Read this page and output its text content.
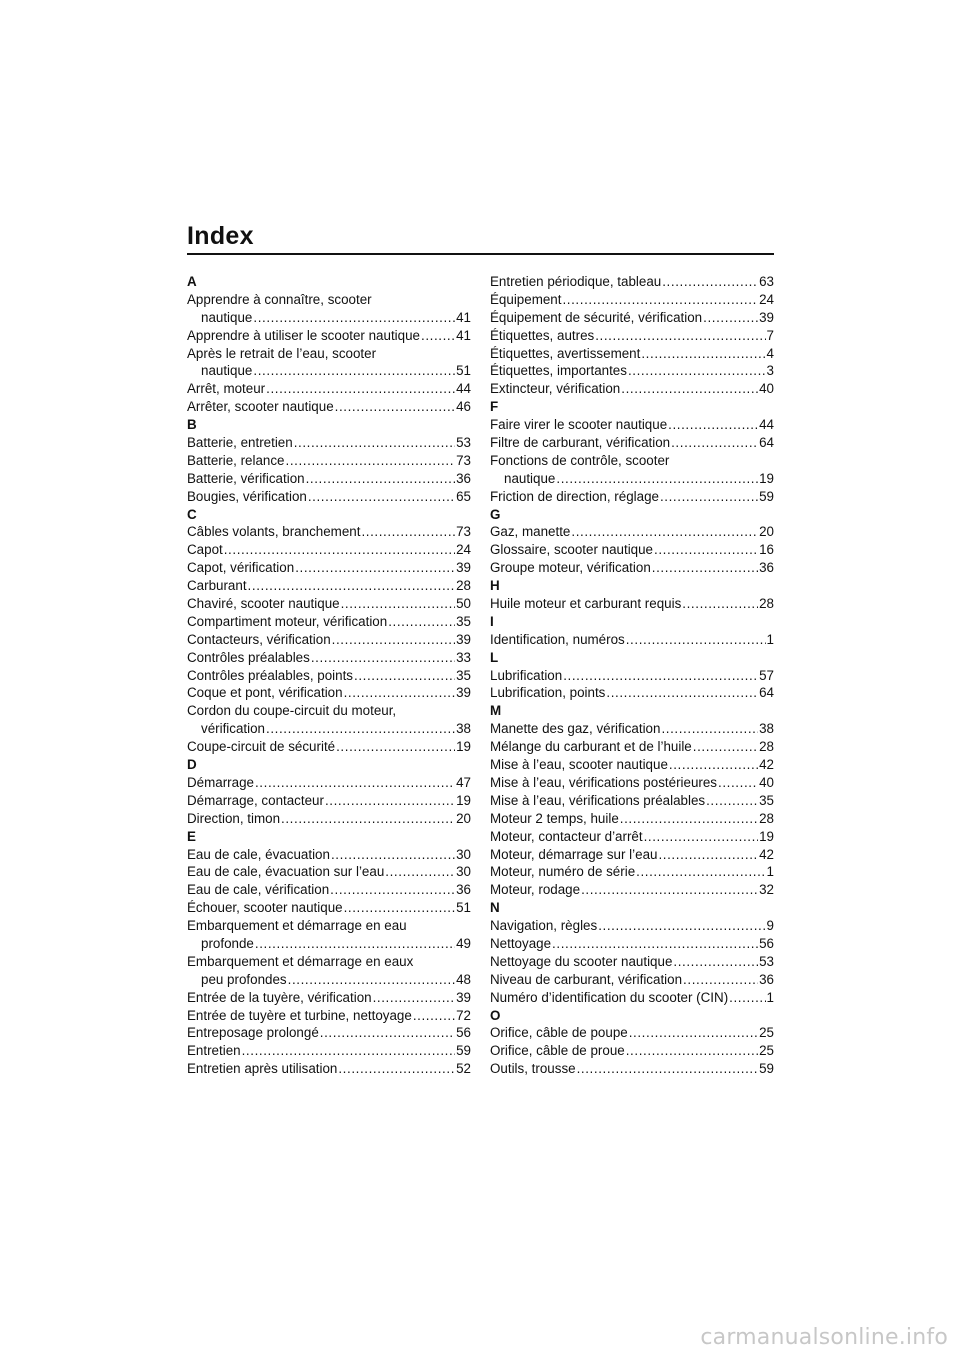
Index
A
Apprendre à connaître, scooter
nautique .....	41
Apprendre à utiliser le scooter nautique .....	41
Après le retrait de l’eau, scooter
nautique .....	51
Arrêt, moteur .....	44
Arrêter, scooter nautique .....	46
B
Batterie, entretien .....	53
Batterie, relance .....	73
Batterie, vérification .....	36
Bougies, vérification .....	65
C
Câbles volants, branchement .....	73
Capot .....	24
Capot, vérification .....	39
Carburant .....	28
Chaviré, scooter nautique .....	50
Compartiment moteur, vérification .....	35
Contacteurs, vérification .....	39
Contrôles préalables .....	33
Contrôles préalables, points .....	35
Coque et pont, vérification .....	39
Cordon du coupe-circuit du moteur,
vérification .....	38
Coupe-circuit de sécurité .....	19
D
Démarrage .....	47
Démarrage, contacteur .....	19
Direction, timon .....	20
E
Eau de cale, évacuation .....	30
Eau de cale, évacuation sur l’eau .....	30
Eau de cale, vérification .....	36
Échouer, scooter nautique .....	51
Embarquement et démarrage en eau
profonde .....	49
Embarquement et démarrage en eaux
peu profondes .....	48
Entrée de la tuyère, vérification .....	39
Entrée de tuyère et turbine, nettoyage .....	72
Entreposage prolongé .....	56
Entretien .....	59
Entretien après utilisation .....	52
Entretien périodique, tableau .....	63
Équipement .....	24
Équipement de sécurité, vérification .....	39
Étiquettes, autres .....	7
Étiquettes, avertissement .....	4
Étiquettes, importantes .....	3
Extincteur, vérification .....	40
F
Faire virer le scooter nautique .....	44
Filtre de carburant, vérification .....	64
Fonctions de contrôle, scooter
nautique .....	19
Friction de direction, réglage .....	59
G
Gaz, manette .....	20
Glossaire, scooter nautique .....	16
Groupe moteur, vérification .....	36
H
Huile moteur et carburant requis .....	28
I
Identification, numéros .....	1
L
Lubrification .....	57
Lubrification, points .....	64
M
Manette des gaz, vérification .....	38
Mélange du carburant et de l’huile .....	28
Mise à l’eau, scooter nautique .....	42
Mise à l’eau, vérifications postérieures .....	40
Mise à l’eau, vérifications préalables .....	35
Moteur 2 temps, huile .....	28
Moteur, contacteur d’arrêt .....	19
Moteur, démarrage sur l’eau .....	42
Moteur, numéro de série .....	1
Moteur, rodage .....	32
N
Navigation, règles .....	9
Nettoyage .....	56
Nettoyage du scooter nautique .....	53
Niveau de carburant, vérification .....	36
Numéro d’identification du scooter (CIN) .....	1
O
Orifice, câble de poupe .....	25
Orifice, câble de proue .....	25
Outils, trousse .....	59
carmanualsonline.info
